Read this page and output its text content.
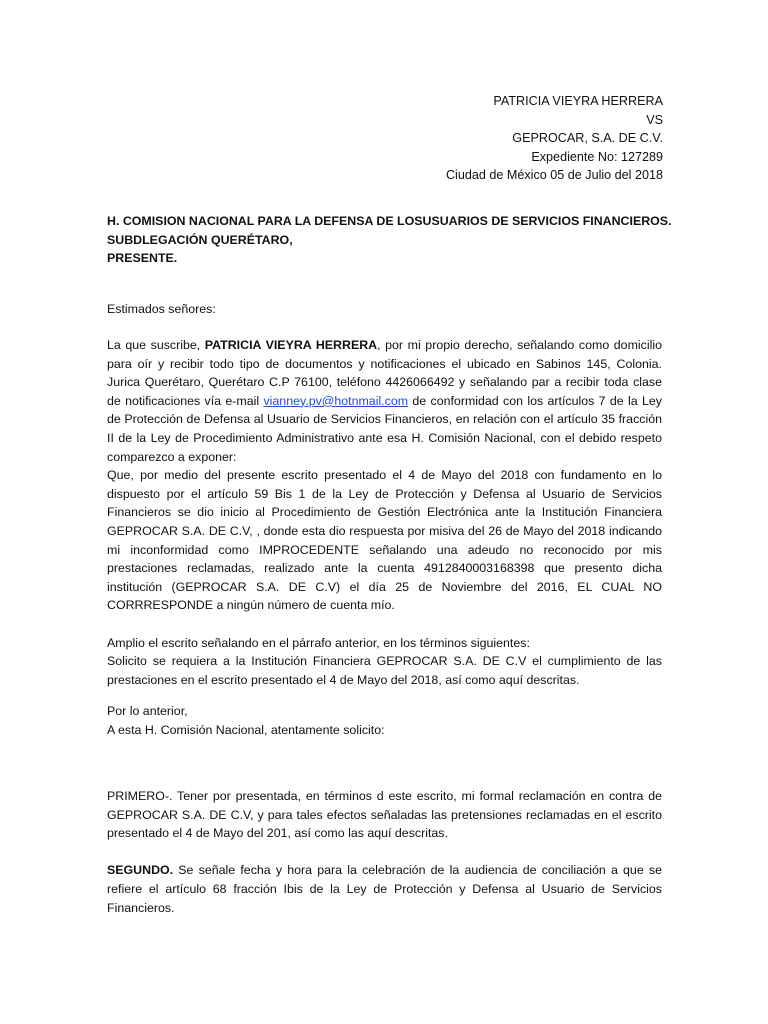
PATRICIA VIEYRA HERRERA
VS
GEPROCAR, S.A. DE C.V.
Expediente No: 127289
Ciudad de México 05 de Julio del 2018
H. COMISION NACIONAL PARA LA DEFENSA DE LOSUSUARIOS DE SERVICIOS FINANCIEROS.
SUBDLEGACIÓN QUERÉTARO,
PRESENTE.
Estimados señores:

La que suscribe, PATRICIA VIEYRA HERRERA, por mi propio derecho, señalando como domicilio para oír y recibir todo tipo de documentos y notificaciones el ubicado en Sabinos 145, Colonia. Jurica Querétaro, Querétaro C.P 76100, teléfono 4426066492 y señalando par a recibir toda clase de notificaciones vía e-mail vianney.pv@hotnmail.com de conformidad con los artículos 7 de la Ley de Protección de Defensa al Usuario de Servicios Financieros, en relación con el artículo 35 fracción II de la Ley de Procedimiento Administrativo ante esa H. Comisión Nacional, con el debido respeto comparezco a exponer:

Que, por medio del presente escrito presentado el 4 de Mayo del 2018 con fundamento en lo dispuesto por el artículo 59 Bis 1 de la Ley de Protección y Defensa al Usuario de Servicios Financieros se dio inicio al Procedimiento de Gestión Electrónica ante la Institución Financiera GEPROCAR S.A. DE C.V, , donde esta dio respuesta por misiva del 26 de Mayo del 2018 indicando mi inconformidad como IMPROCEDENTE señalando una adeudo no reconocido por mis prestaciones reclamadas, realizado ante la cuenta 4912840003168398 que presento dicha institución (GEPROCAR S.A. DE C.V) el día 25 de Noviembre del 2016, EL CUAL NO CORRRESPONDE a ningún número de cuenta mío.

Amplio el escrito señalando en el párrafo anterior, en los términos siguientes:

Solicito se requiera a la Institución Financiera GEPROCAR S.A. DE C.V el cumplimiento de las prestaciones en el escrito presentado el 4 de Mayo del 2018, así como aquí descritas.

Por lo anterior,

A esta H. Comisión Nacional, atentamente solicito:

PRIMERO-. Tener por presentada, en términos d este escrito, mi formal reclamación en contra de GEPROCAR S.A. DE C.V, y para tales efectos señaladas las pretensiones reclamadas en el escrito presentado el 4 de Mayo del 201, así como las aquí descritas.

SEGUNDO. Se señale fecha y hora para la celebración de la audiencia de conciliación a que se refiere el artículo 68 fracción Ibis de la Ley de Protección y Defensa al Usuario de Servicios Financieros.
